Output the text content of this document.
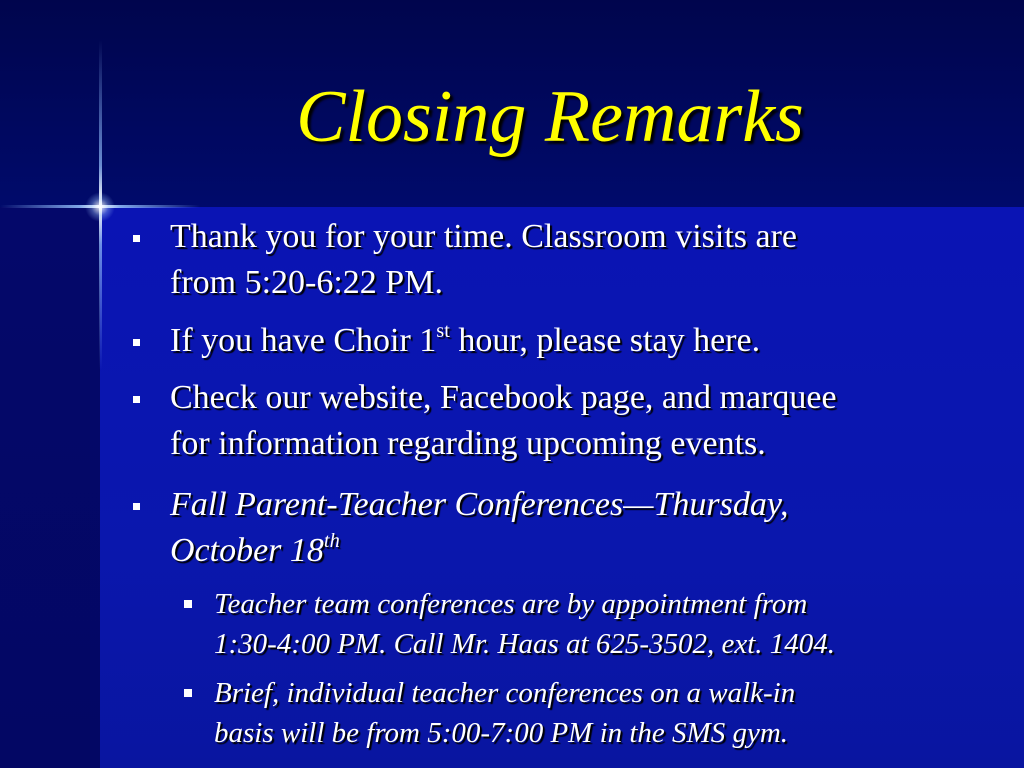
Closing Remarks
Thank you for your time. Classroom visits are
from 5:20-6:22 PM.
If you have Choir 1st hour, please stay here.
Check our website, Facebook page, and marquee
for information regarding upcoming events.
Fall Parent-Teacher Conferences—Thursday,
October 18th
Teacher team conferences are by appointment from
1:30-4:00 PM. Call Mr. Haas at 625-3502, ext. 1404.
Brief, individual teacher conferences on a walk-in
basis will be from 5:00-7:00 PM in the SMS gym.
